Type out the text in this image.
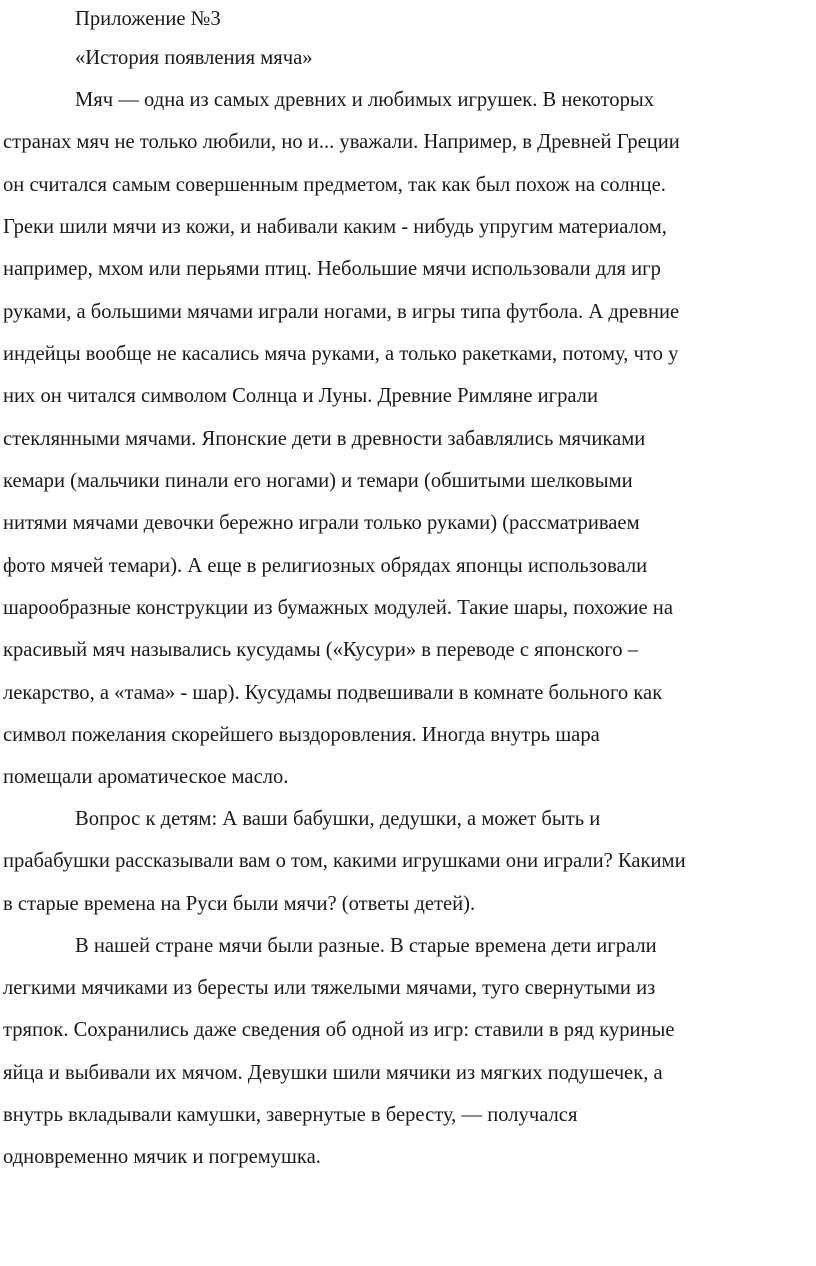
Приложение №3

«История появления мяча»

Мяч — одна из самых древних и любимых игрушек. В некоторых

странах мяч не только любили, но и... уважали. Например, в Древней Греции

он считался самым совершенным предметом, так как был похож на солнце.

Греки шили мячи из кожи, и набивали каким - нибудь упругим материалом,

например, мхом или перьями птиц. Небольшие мячи использовали для игр

руками, а большими мячами играли ногами, в игры типа футбола. А древние

индейцы вообще не касались мяча руками, а только ракетками, потому, что у

них он читался символом Солнца и Луны. Древние Римляне играли

стеклянными мячами. Японские дети в древности забавлялись мячиками

кемари (мальчики пинали его ногами) и темари (обшитыми шелковыми

нитями мячами девочки бережно играли только руками) (рассматриваем

фото мячей темари). А еще в религиозных обрядах японцы использовали

шарообразные конструкции из бумажных модулей. Такие шары, похожие на

красивый мяч назывались кусудамы («Кусури» в переводе с японского –

лекарство, а «тама» - шар). Кусудамы подвешивали в комнате больного как

символ пожелания скорейшего выздоровления. Иногда внутрь шара

помещали ароматическое масло.

Вопрос к детям: А ваши бабушки, дедушки, а может быть и

прабабушки рассказывали вам о том, какими игрушками они играли? Какими

в старые времена на Руси были мячи? (ответы детей).

В нашей стране мячи были разные. В старые времена дети играли

легкими мячиками из бересты или тяжелыми мячами, туго свернутыми из

тряпок. Сохранились даже сведения об одной из игр: ставили в ряд куриные

яйца и выбивали их мячом. Девушки шили мячики из мягких подушечек, а

внутрь вкладывали камушки, завернутые в бересту, — получался

одновременно мячик и погремушка.
